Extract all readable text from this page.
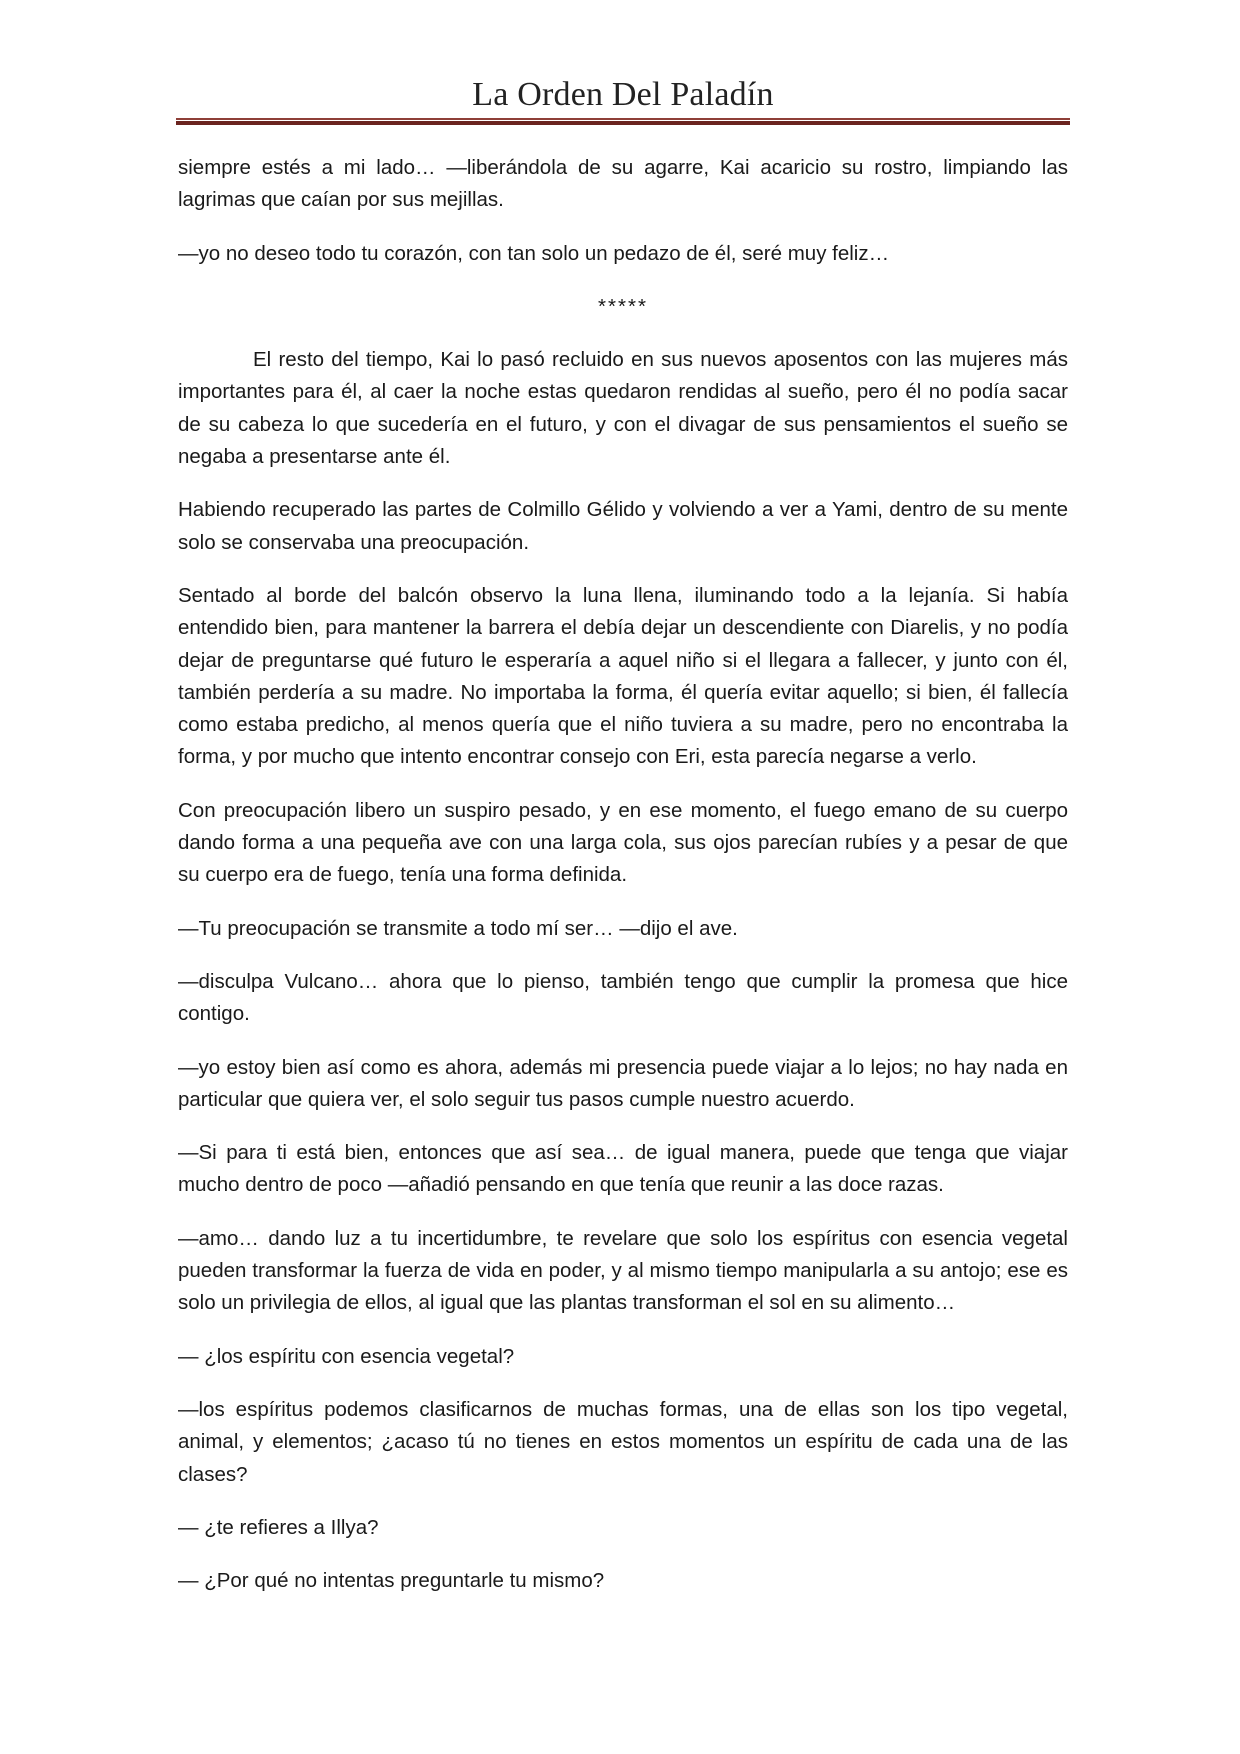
La Orden Del Paladín

siempre estés a mi lado… —liberándola de su agarre, Kai acaricio su rostro, limpiando las lagrimas que caían por sus mejillas.

—yo no deseo todo tu corazón, con tan solo un pedazo de él, seré muy feliz…

*****

El resto del tiempo, Kai lo pasó recluido en sus nuevos aposentos con las mujeres más importantes para él, al caer la noche estas quedaron rendidas al sueño, pero él no podía sacar de su cabeza lo que sucedería en el futuro, y con el divagar de sus pensamientos el sueño se negaba a presentarse ante él.

Habiendo recuperado las partes de Colmillo Gélido y volviendo a ver a Yami, dentro de su mente solo se conservaba una preocupación.

Sentado al borde del balcón observo la luna llena, iluminando todo a la lejanía. Si había entendido bien, para mantener la barrera el debía dejar un descendiente con Diarelis, y no podía dejar de preguntarse qué futuro le esperaría a aquel niño si el llegara a fallecer, y junto con él, también perdería a su madre. No importaba la forma, él quería evitar aquello; si bien, él fallecía como estaba predicho, al menos quería que el niño tuviera a su madre, pero no encontraba la forma, y por mucho que intento encontrar consejo con Eri, esta parecía negarse a verlo.

Con preocupación libero un suspiro pesado, y en ese momento, el fuego emano de su cuerpo dando forma a una pequeña ave con una larga cola, sus ojos parecían rubíes y a pesar de que su cuerpo era de fuego, tenía una forma definida.

—Tu preocupación se transmite a todo mí ser… —dijo el ave.

—disculpa Vulcano… ahora que lo pienso, también tengo que cumplir la promesa que hice contigo.

—yo estoy bien así como es ahora, además mi presencia puede viajar a lo lejos; no hay nada en particular que quiera ver, el solo seguir tus pasos cumple nuestro acuerdo.

—Si para ti está bien, entonces que así sea… de igual manera, puede que tenga que viajar mucho dentro de poco —añadió pensando en que tenía que reunir a las doce razas.

—amo… dando luz a tu incertidumbre, te revelare que solo los espíritus con esencia vegetal pueden transformar la fuerza de vida en poder, y al mismo tiempo manipularla a su antojo; ese es solo un privilegia de ellos, al igual que las plantas transforman el sol en su alimento…

— ¿los espíritu con esencia vegetal?

—los espíritus podemos clasificarnos de muchas formas, una de ellas son los tipo vegetal, animal, y elementos; ¿acaso tú no tienes en estos momentos un espíritu de cada una de las clases?

— ¿te refieres a Illya?

— ¿Por qué no intentas preguntarle tu mismo?
